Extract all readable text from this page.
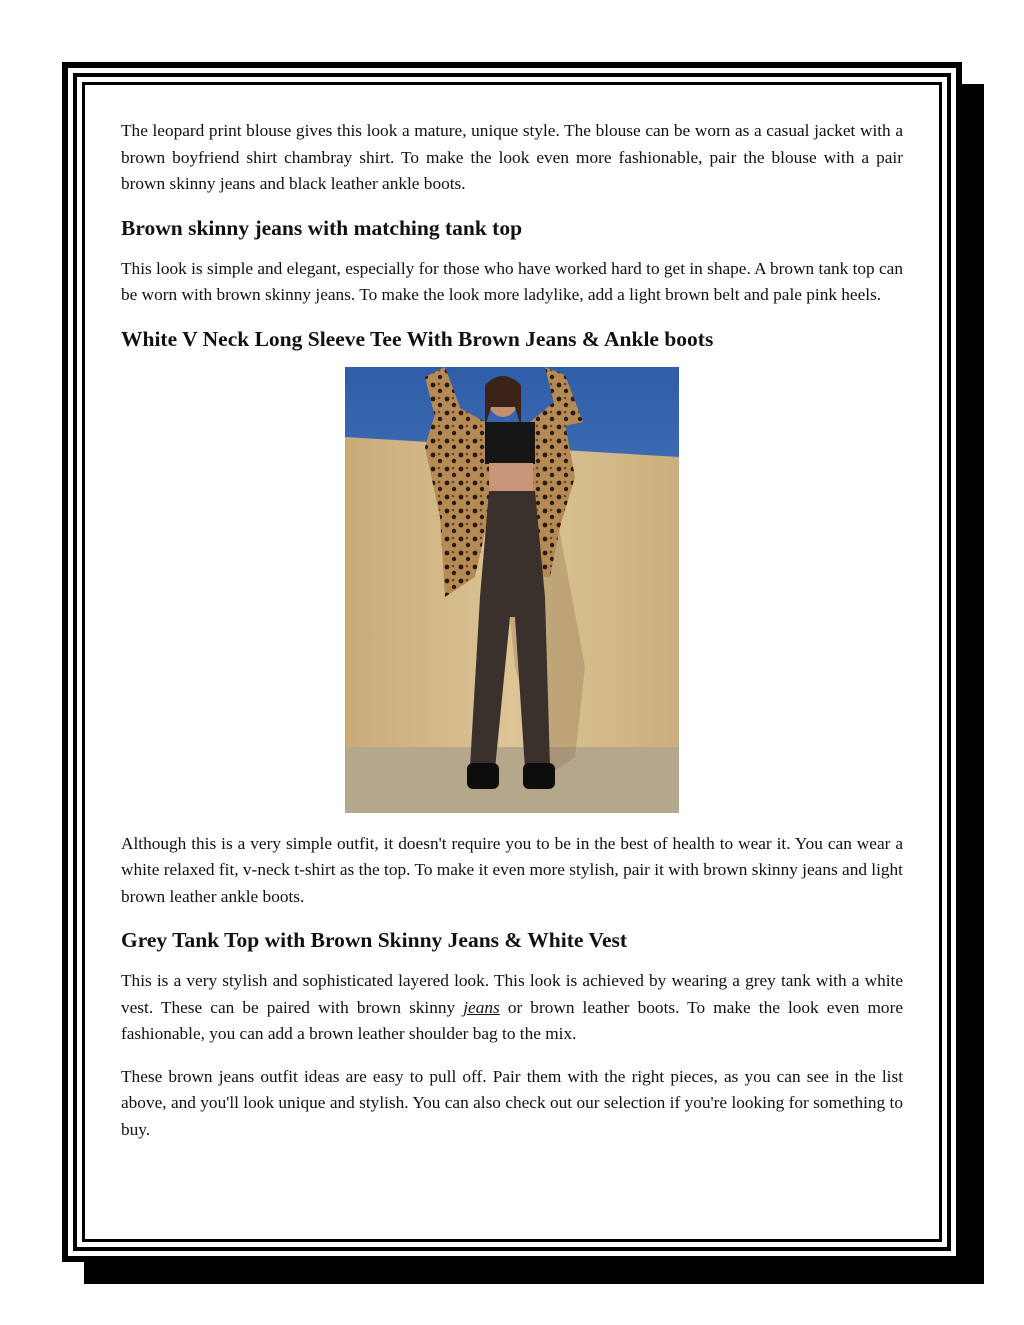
The leopard print blouse gives this look a mature, unique style. The blouse can be worn as a casual jacket with a brown boyfriend shirt chambray shirt. To make the look even more fashionable, pair the blouse with a pair brown skinny jeans and black leather ankle boots.

Brown skinny jeans with matching tank top

This look is simple and elegant, especially for those who have worked hard to get in shape. A brown tank top can be worn with brown skinny jeans. To make the look more ladylike, add a light brown belt and pale pink heels.

White V Neck Long Sleeve Tee With Brown Jeans & Ankle boots

Although this is a very simple outfit, it doesn't require you to be in the best of health to wear it. You can wear a white relaxed fit, v-neck t-shirt as the top. To make it even more stylish, pair it with brown skinny jeans and light brown leather ankle boots.

Grey Tank Top with Brown Skinny Jeans & White Vest

This is a very stylish and sophisticated layered look. This look is achieved by wearing a grey tank with a white vest. These can be paired with brown skinny jeans or brown leather boots. To make the look even more fashionable, you can add a brown leather shoulder bag to the mix.

These brown jeans outfit ideas are easy to pull off. Pair them with the right pieces, as you can see in the list above, and you'll look unique and stylish. You can also check out our selection if you're looking for something to buy.
